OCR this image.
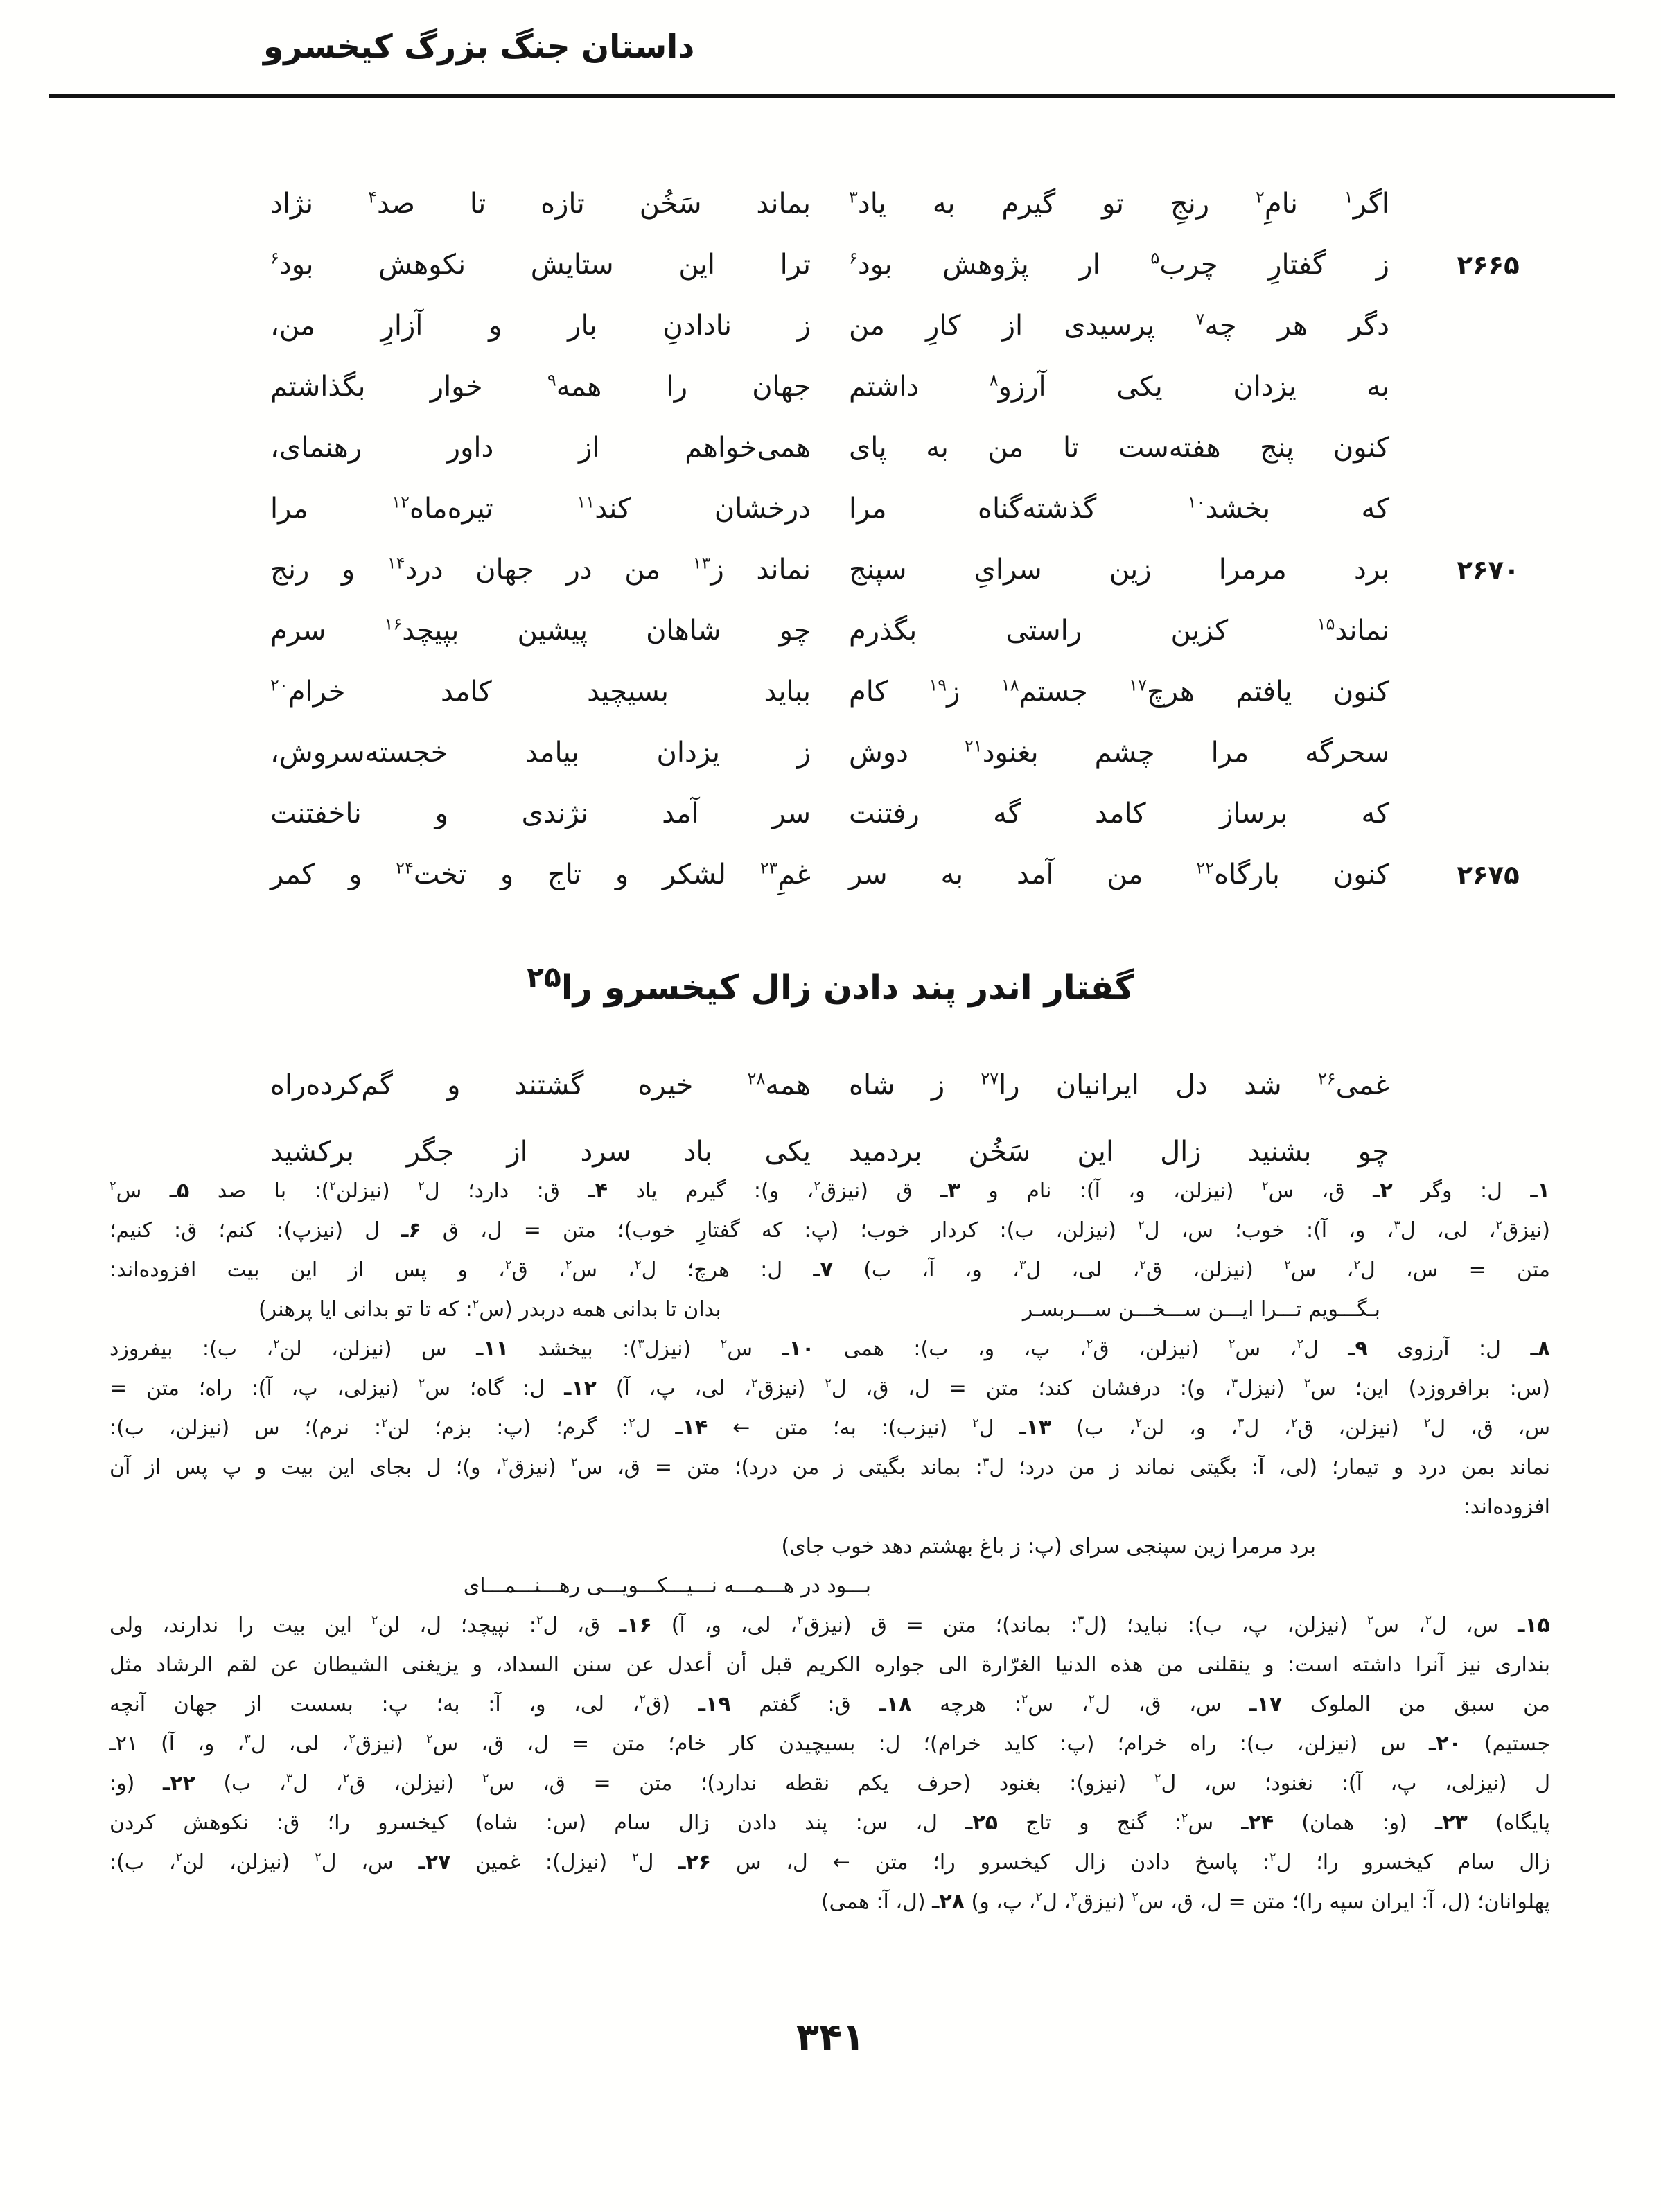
داستان جنگ بزرگ کیخسرو
اگر$^۱$ نامِ$^۲$ رنجِ تو گیرم به یاد$^۳$
بماند سَخُن تازه تا صد$^۴$ نژاد
۲۶۶۵
ز گفتارِ چرب$^۵$ ار پژوهش بود$^۶$
ترا این ستایش نکوهش بود$^۶$
دگر هر چه$^۷$ پرسیدی از کارِ من
ز نادادنِ بار و آزارِ من،
به یزدان یکی آرزو$^۸$ داشتم
جهان را همه$^۹$ خوار بگذاشتم
کنون پنج هفته‌ست تا من به پای
همی‌خواهم از داور رهنمای،
که بخشد$^{۱۰}$ گذشته‌گناه مرا
درخشان کند$^{۱۱}$ تیره‌ماه$^{۱۲}$ مرا
۲۶۷۰
برد مرمرا زین سرایِ سپنج
نماند ز$^{۱۳}$ من در جهان درد$^{۱۴}$ و رنج
نماند$^{۱۵}$ کزین راستی بگذرم
چو شاهان پیشین بپیچد$^{۱۶}$ سرم
کنون یافتم هرچ$^{۱۷}$ جستم$^{۱۸}$ ز$^{۱۹}$ کام
بباید بسیچید کامد خرام$^{۲۰}$
سحرگه مرا چشم بغنود$^{۲۱}$ دوش
ز یزدان بیامد خجسته‌سروش،
که برساز کامد گه رفتنت
سر آمد نژندی و ناخفتنت
۲۶۷۵
کنون بارگاه$^{۲۲}$ من آمد به سر
غمِ$^{۲۳}$ لشکر و تاج و تخت$^{۲۴}$ و کمر
گفتار اندر پند دادن زال کیخسرو را$^{۲۵}$
غمی$^{۲۶}$ شد دل ایرانیان را$^{۲۷}$ ز شاه
همه$^{۲۸}$ خیره گشتند و گم‌کرده‌راه
چو بشنید زال این سَخُن بردمید
یکی باد سرد از جگر برکشید
۱ـ ل: وگر ۲ـ ق، س$^۲$ (نیزلن، و، آ): نام و ۳ـ ق (نیزق$^۲$، و): گیرم یاد ۴ـ ق: دارد؛ ل$^۲$ (نیزلن$^۲$): با صد ۵ـ س$^۲$
(نیزق$^۲$، لی، ل$^۳$، و، آ): خوب؛ س، ل$^۲$ (نیزلن، ب): کردار خوب؛ (پ: که گفتارِ خوب)؛ متن = ل، ق ۶ـ ل (نیزپ): کنم؛ ق: کنیم؛
متن = س، ل$^۲$، س$^۲$ (نیزلن، ق$^۲$، لی، ل$^۳$، و، آ، ب) ۷ـ ل: هرچ؛ ل$^۲$، س$^۲$، ق$^۲$، و پس از این بیت افزوده‌اند:
بـگـــویم تـــرا ایـــن ســـخـــن ســـربسـر
بدان تا بدانی همه دربدر (س$^۲$: که تا تو بدانی ایا پرهنر)
۸ـ ل: آرزوی ۹ـ ل$^۲$، س$^۲$ (نیزلن، ق$^۲$، پ، و، ب): همی ۱۰ـ س$^۲$ (نیزل$^۳$): بیخشد ۱۱ـ س (نیزلن، لن$^۲$، ب): بیفروزد
(س: برافروزد) این؛ س$^۲$ (نیزل$^۳$، و): درفشان کند؛ متن = ل، ق، ل$^۲$ (نیزق$^۲$، لی، پ، آ) ۱۲ـ ل: گاه؛ س$^۲$ (نیزلی، پ، آ): راه؛ متن =
س، ق، ل$^۲$ (نیزلن، ق$^۲$، ل$^۳$، و، لن$^۲$، ب) ۱۳ـ ل$^۲$ (نیزب): به؛ متن ← ۱۴ـ ل$^۲$: گرم؛ (پ: بزم؛ لن$^۲$: نرم)؛ س (نیزلن، ب):
نماند بمن درد و تیمار؛ (لی، آ: بگیتی نماند ز من درد؛ ل$^۳$: بماند بگیتی ز من درد)؛ متن = ق، س$^۲$ (نیزق$^۲$، و)؛ ل بجای این بیت و پ پس از آن
افزوده‌اند:
برد مرمرا زین سپنجی سرای (پ: ز باغ بهشتم دهد خوب جای)
بـــود در هـــمـــه نـــیـــکـــویـــی رهـــنـــمـــای
۱۵ـ س، ل$^۲$، س$^۲$ (نیزلن، پ، ب): نباید؛ (ل$^۳$: بماند)؛ متن = ق (نیزق$^۲$، لی، و، آ) ۱۶ـ ق، ل$^۲$: نپیچد؛ ل، لن$^۲$ این بیت را ندارند، ولی
بنداری نیز آنرا داشته است: و ینقلنی من هذه الدنیا الغرّارة الی جواره الکریم قبل أن أعدل عن سنن السداد، و یزیغنی الشیطان عن لقم الرشاد مثل
من سبق من الملوک ۱۷ـ س، ق، ل$^۲$، س$^۲$: هرچه ۱۸ـ ق: گفتم ۱۹ـ (ق$^۲$، لی، و، آ: به؛ پ: بسست از جهان آنچه
جستیم) ۲۰ـ س (نیزلن، ب): راه خرام؛ (پ: کاید خرام)؛ ل: بسیچیدن کار خام؛ متن = ل، ق، س$^۲$ (نیزق$^۲$، لی، ل$^۳$، و، آ) ۲۱ـ
ل (نیزلی، پ، آ): نغنود؛ س، ل$^۲$ (نیزو): بغنود (حرف یکم نقطه ندارد)؛ متن = ق، س$^۲$ (نیزلن، ق$^۲$، ل$^۳$، ب) ۲۲ـ (و:
پایگاه) ۲۳ـ (و: همان) ۲۴ـ س$^۲$: گنج و تاج ۲۵ـ ل، س: پند دادن زال سام (س: شاه) کیخسرو را؛ ق: نکوهش کردن
زال سام کیخسرو را؛ ل$^۲$: پاسخ دادن زال کیخسرو را؛ متن ← ل، س ۲۶ـ ل$^۲$ (نیزل): غمین ۲۷ـ س، ل$^۲$ (نیزلن، لن$^۲$، ب):
پهلوانان؛ (ل، آ: ایران سپه را)؛ متن = ل، ق، س$^۲$ (نیزق$^۲$، ل$^۲$، پ، و) ۲۸ـ (ل، آ: همی)
۳۴۱
